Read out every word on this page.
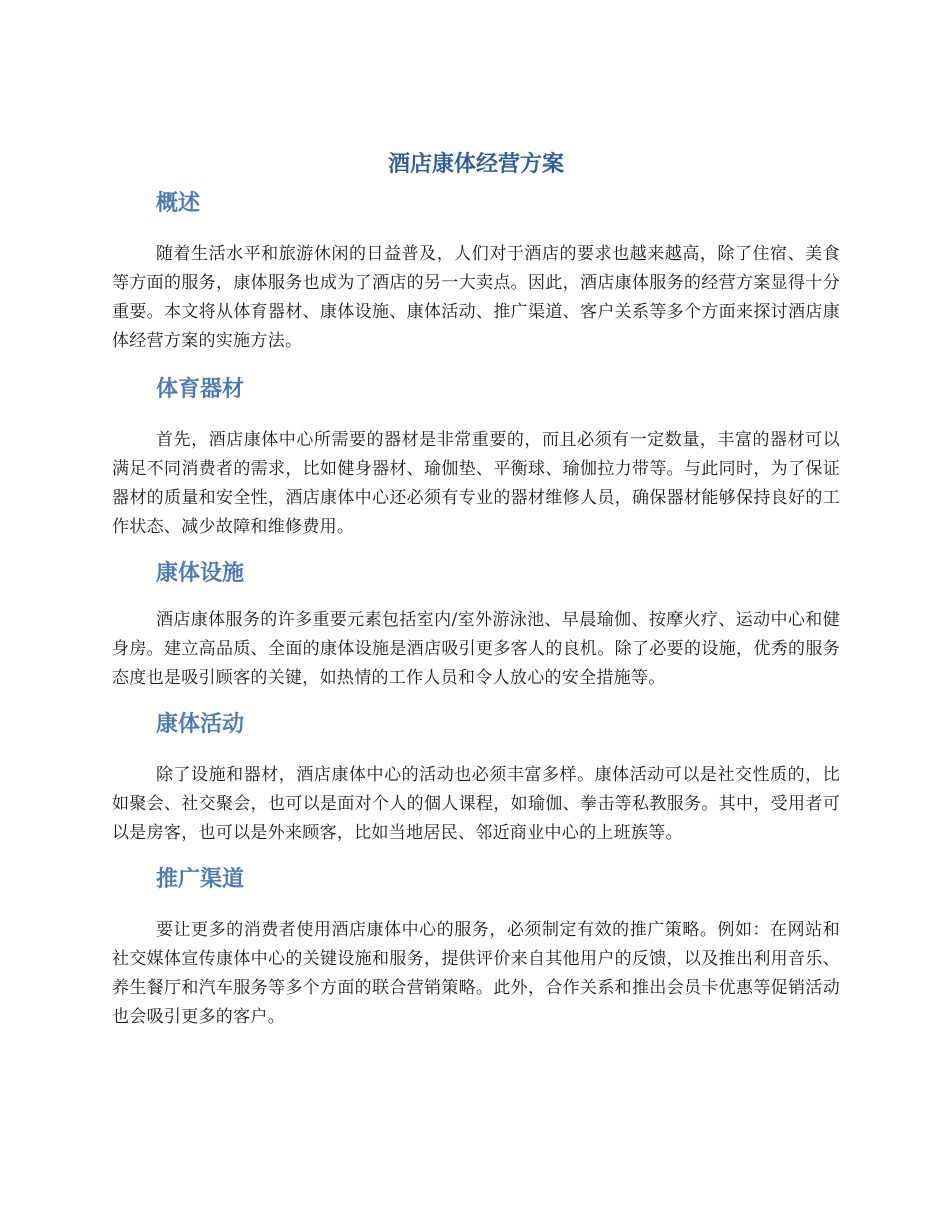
酒店康体经营方案
概述

随着生活水平和旅游休闲的日益普及，人们对于酒店的要求也越来越高，除了住宿、美食等方面的服务，康体服务也成为了酒店的另一大卖点。因此，酒店康体服务的经营方案显得十分重要。本文将从体育器材、康体设施、康体活动、推广渠道、客户关系等多个方面来探讨酒店康体经营方案的实施方法。

体育器材

首先，酒店康体中心所需要的器材是非常重要的，而且必须有一定数量，丰富的器材可以满足不同消费者的需求，比如健身器材、瑜伽垫、平衡球、瑜伽拉力带等。与此同时，为了保证器材的质量和安全性，酒店康体中心还必须有专业的器材维修人员，确保器材能够保持良好的工作状态、减少故障和维修费用。

康体设施

酒店康体服务的许多重要元素包括室内/室外游泳池、早晨瑜伽、按摩火疗、运动中心和健身房。建立高品质、全面的康体设施是酒店吸引更多客人的良机。除了必要的设施，优秀的服务态度也是吸引顾客的关键，如热情的工作人员和令人放心的安全措施等。

康体活动

除了设施和器材，酒店康体中心的活动也必须丰富多样。康体活动可以是社交性质的，比如聚会、社交聚会，也可以是面对个人的個人课程，如瑜伽、拳击等私教服务。其中，受用者可以是房客，也可以是外来顾客，比如当地居民、邻近商业中心的上班族等。

推广渠道

要让更多的消费者使用酒店康体中心的服务，必须制定有效的推广策略。例如：在网站和社交媒体宣传康体中心的关键设施和服务，提供评价来自其他用户的反馈，以及推出利用音乐、养生餐厅和汽车服务等多个方面的联合营销策略。此外，合作关系和推出会员卡优惠等促销活动也会吸引更多的客户。
